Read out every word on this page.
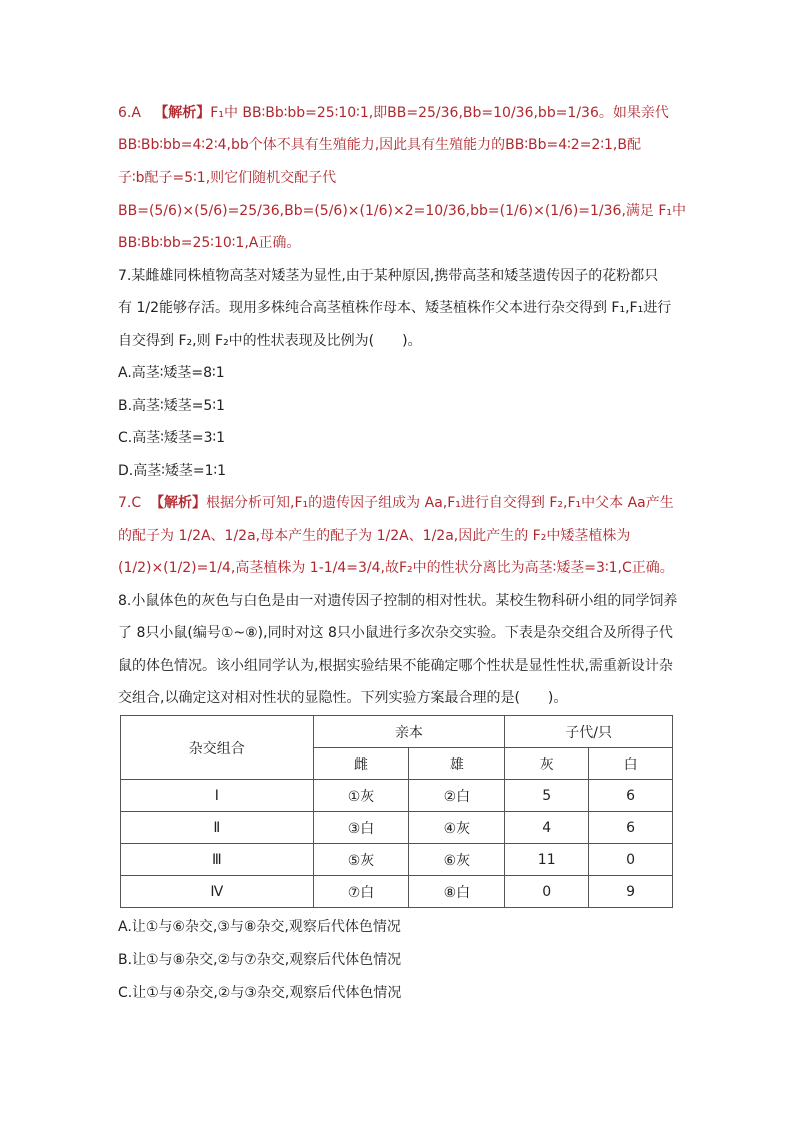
6.A 【解析】F₁中 BB∶Bb∶bb=25∶10∶1,即BB=25/36,Bb=10/36,bb=1/36。如果亲代
BB∶Bb∶bb=4∶2∶4,bb个体不具有生殖能力,因此具有生殖能力的BB∶Bb=4∶2=2∶1,B配
子∶b配子=5∶1,则它们随机交配子代
BB=(5/6)×(5/6)=25/36,Bb=(5/6)×(1/6)×2=10/36,bb=(1/6)×(1/6)=1/36,满足 F₁中
BB∶Bb∶bb=25∶10∶1,A正确。
7.某雌雄同株植物高茎对矮茎为显性,由于某种原因,携带高茎和矮茎遗传因子的花粉都只
有 1/2能够存活。现用多株纯合高茎植株作母本、矮茎植株作父本进行杂交得到 F₁,F₁进行
自交得到 F₂,则 F₂中的性状表现及比例为(　　)。
A.高茎∶矮茎=8∶1
B.高茎∶矮茎=5∶1
C.高茎∶矮茎=3∶1
D.高茎∶矮茎=1∶1
7.C 【解析】根据分析可知,F₁的遗传因子组成为 Aa,F₁进行自交得到 F₂,F₁中父本 Aa产生
的配子为 1/2A、1/2a,母本产生的配子为 1/2A、1/2a,因此产生的 F₂中矮茎植株为
(1/2)×(1/2)=1/4,高茎植株为 1-1/4=3/4,故F₂中的性状分离比为高茎∶矮茎=3∶1,C正确。
8.小鼠体色的灰色与白色是由一对遗传因子控制的相对性状。某校生物科研小组的同学饲养
了 8只小鼠(编号①~⑧),同时对这 8只小鼠进行多次杂交实验。下表是杂交组合及所得子代
鼠的体色情况。该小组同学认为,根据实验结果不能确定哪个性状是显性性状,需重新设计杂
交组合,以确定这对相对性状的显隐性。下列实验方案最合理的是(　　)。
杂交组合	亲本		子代/只	
	雌	雄	灰	白
Ⅰ	①灰	②白	5	6
Ⅱ	③白	④灰	4	6
Ⅲ	⑤灰	⑥灰	11	0
Ⅳ	⑦白	⑧白	0	9
A.让①与⑥杂交,③与⑧杂交,观察后代体色情况
B.让①与⑧杂交,②与⑦杂交,观察后代体色情况
C.让①与④杂交,②与③杂交,观察后代体色情况
